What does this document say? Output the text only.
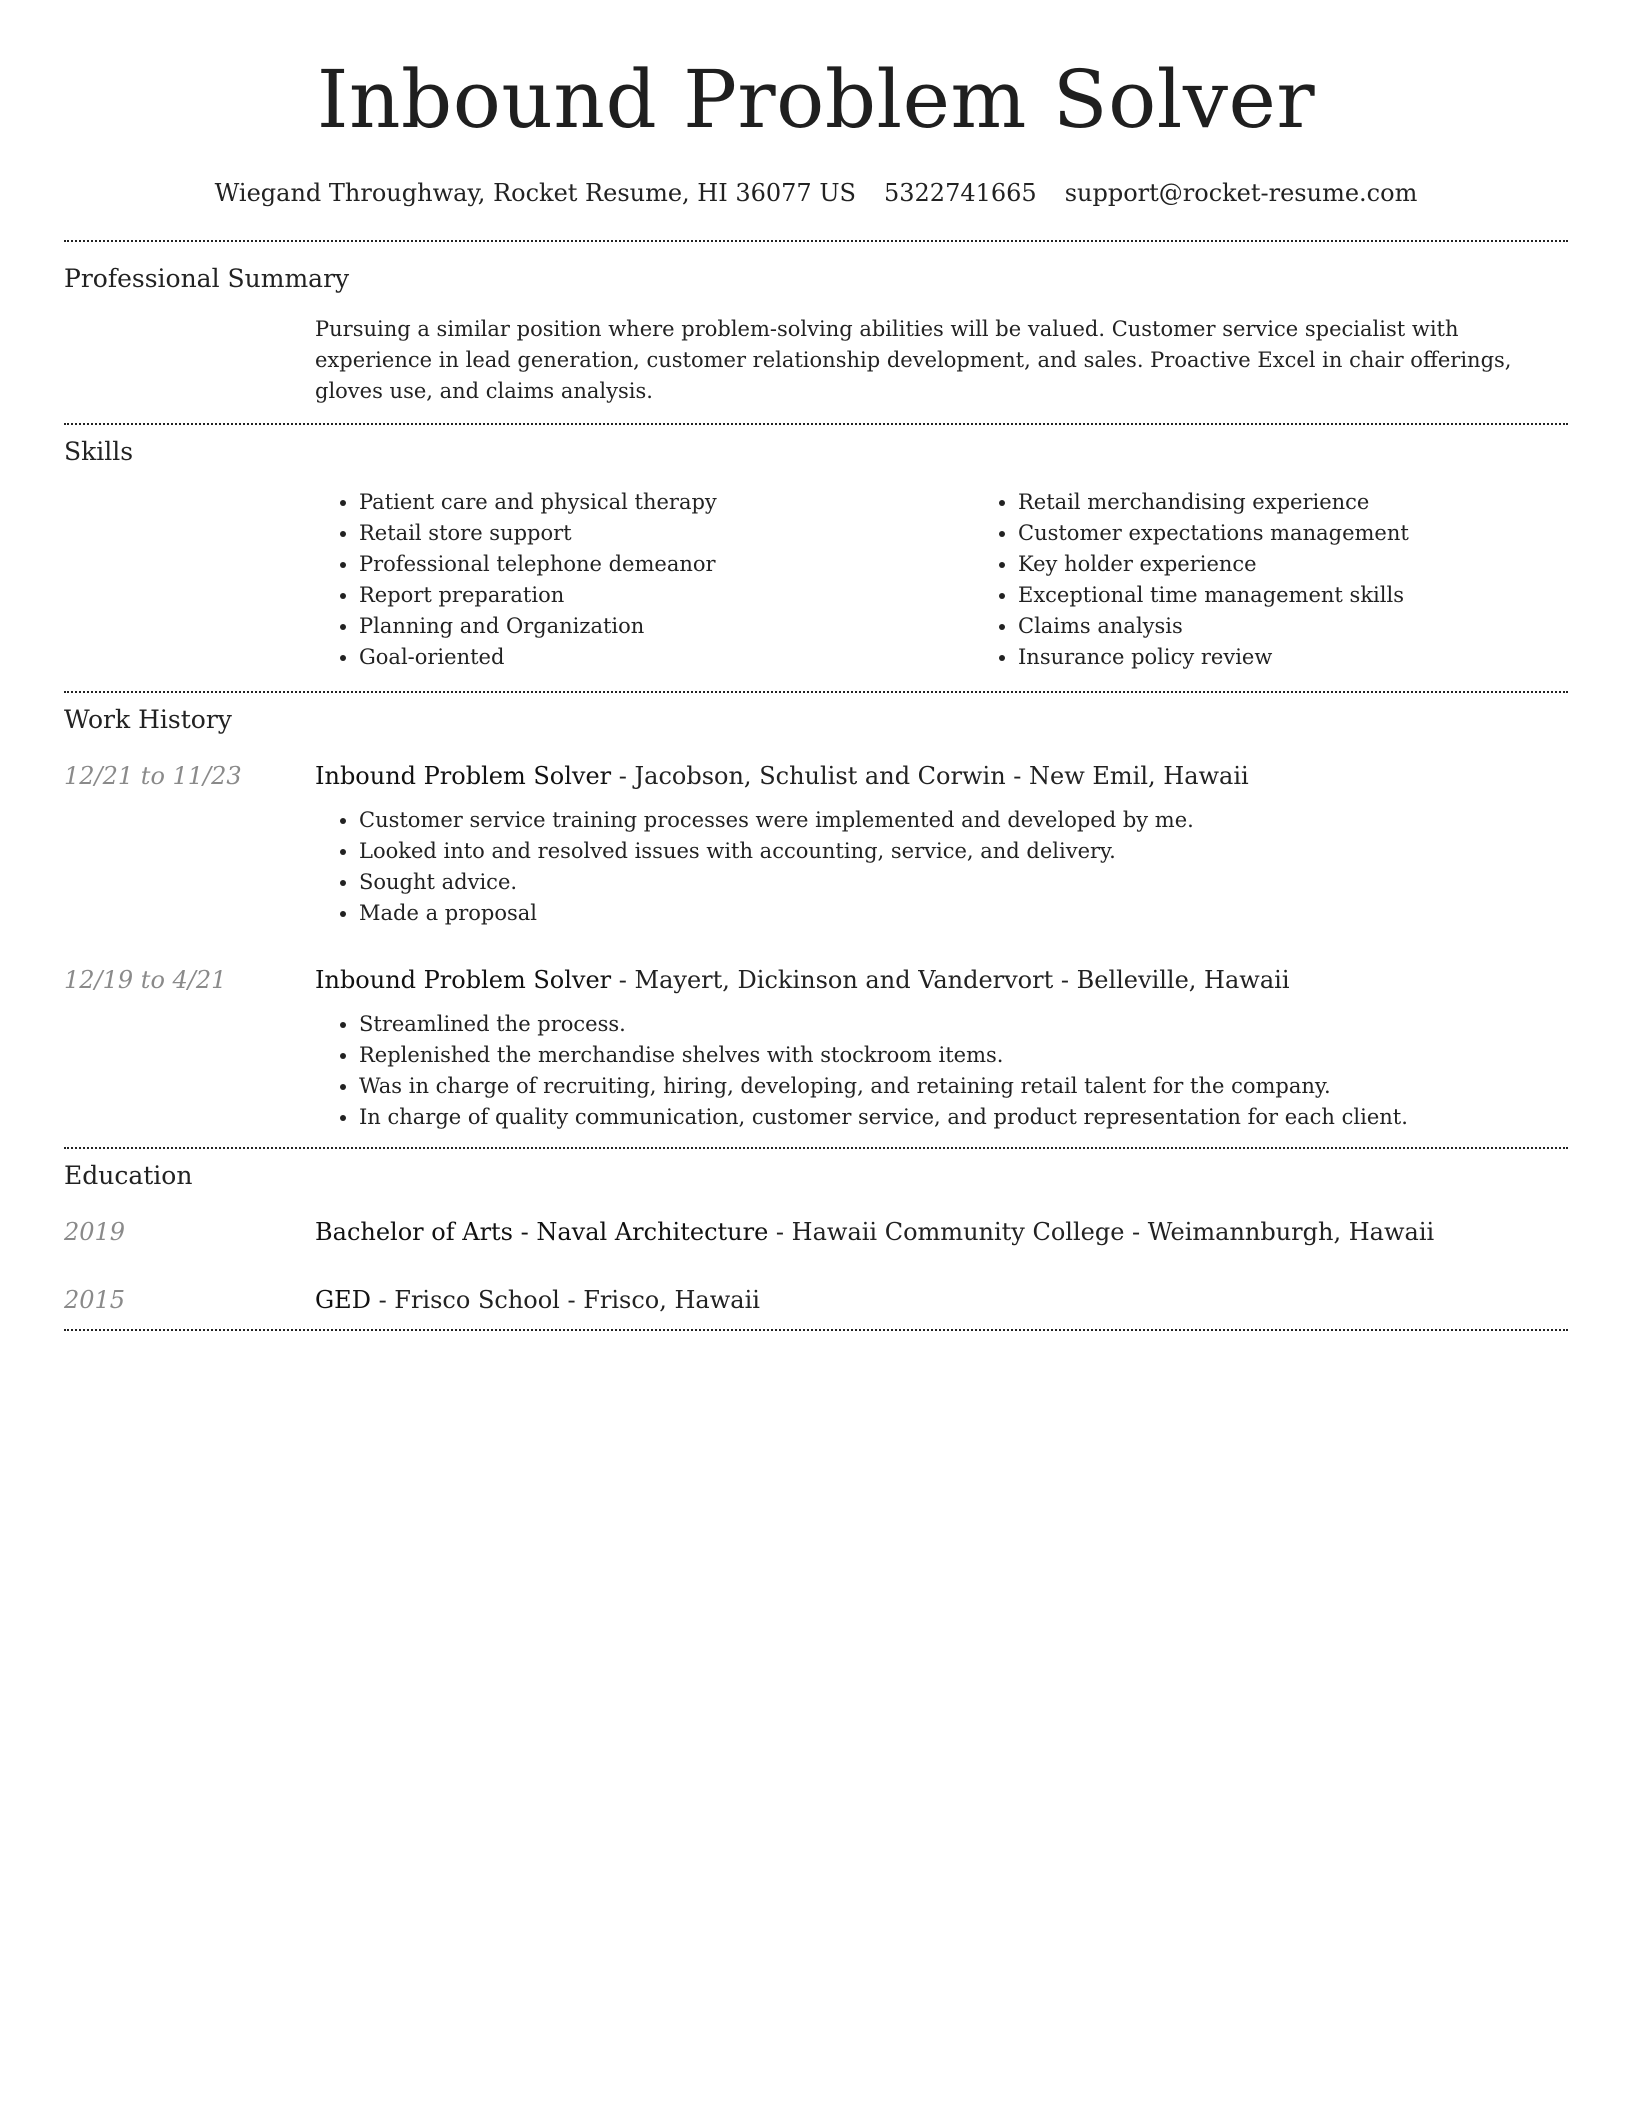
Inbound Problem Solver
Wiegand Throughway, Rocket Resume, HI 36077 US 5322741665 support@rocket-resume.com
Professional Summary

Pursuing a similar position where problem-solving abilities will be valued. Customer service specialist with experience in lead generation, customer relationship development, and sales. Proactive Excel in chair offerings, gloves use, and claims analysis.

Skills
• Patient care and physical therapy
• Retail store support
• Professional telephone demeanor
• Report preparation
• Planning and Organization
• Goal-oriented
• Retail merchandising experience
• Customer expectations management
• Key holder experience
• Exceptional time management skills
• Claims analysis
• Insurance policy review
Work History
12/21 to 11/23	Inbound Problem Solver - Jacobson, Schulist and Corwin - New Emil, Hawaii
• Customer service training processes were implemented and developed by me.
• Looked into and resolved issues with accounting, service, and delivery.
• Sought advice.
• Made a proposal
12/19 to 4/21	Inbound Problem Solver - Mayert, Dickinson and Vandervort - Belleville, Hawaii
• Streamlined the process.
• Replenished the merchandise shelves with stockroom items.
• Was in charge of recruiting, hiring, developing, and retaining retail talent for the company.
• In charge of quality communication, customer service, and product representation for each client.
Education
2019	Bachelor of Arts - Naval Architecture - Hawaii Community College - Weimannburgh, Hawaii
2015	GED - Frisco School - Frisco, Hawaii
